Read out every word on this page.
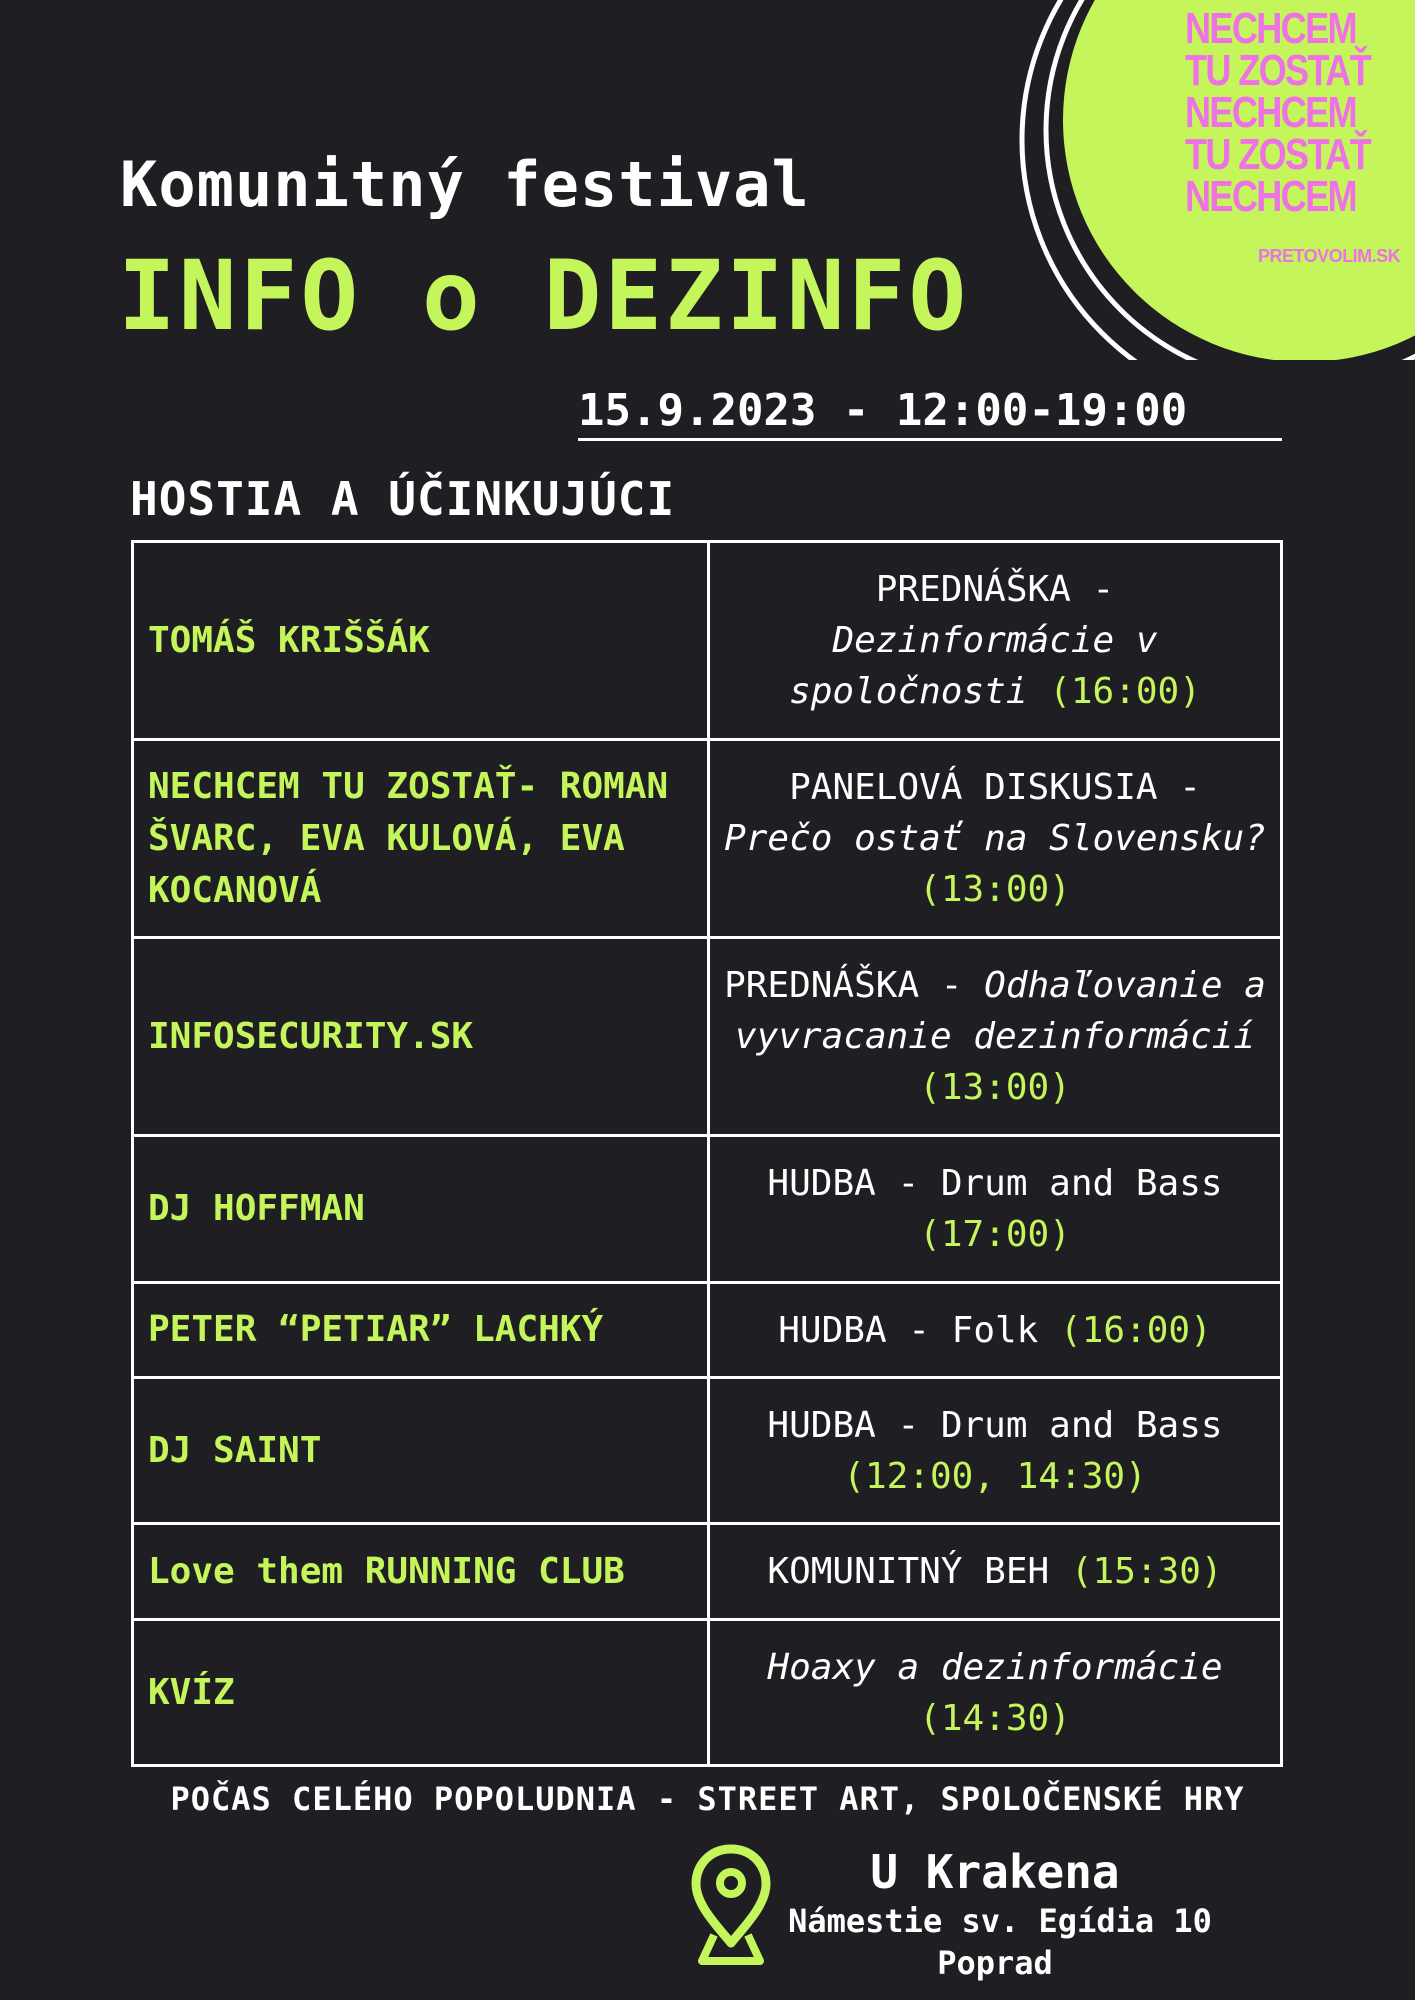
NECHCEM
TU ZOSTAŤ
NECHCEM
TU ZOSTAŤ
NECHCEM
PRETOVOLIM.SK
Komunitný festival
INFO o DEZINFO
15.9.2023 - 12:00-19:00
HOSTIA A ÚČINKUJÚCI
TOMÁŠ KRIŠŠÁK	PREDNÁŠKA -
Dezinformácie v spoločnosti (16:00)
NECHCEM TU ZOSTAŤ- ROMAN ŠVARC, EVA KULOVÁ, EVA KOCANOVÁ	PANELOVÁ DISKUSIA -
Prečo ostať na Slovensku? (13:00)
INFOSECURITY.SK	PREDNÁŠKA - Odhaľovanie a vyvracanie dezinformácií (13:00)
DJ HOFFMAN	HUDBA - Drum and Bass
(17:00)
PETER “PETIAR” LACHKÝ	HUDBA - Folk (16:00)
DJ SAINT	HUDBA - Drum and Bass
(12:00, 14:30)
Love them RUNNING CLUB	KOMUNITNÝ BEH (15:30)
KVÍZ	Hoaxy a dezinformácie
(14:30)
POČAS CELÉHO POPOLUDNIA - STREET ART, SPOLOČENSKÉ HRY
U Krakena
Námestie sv. Egídia 10
Poprad
